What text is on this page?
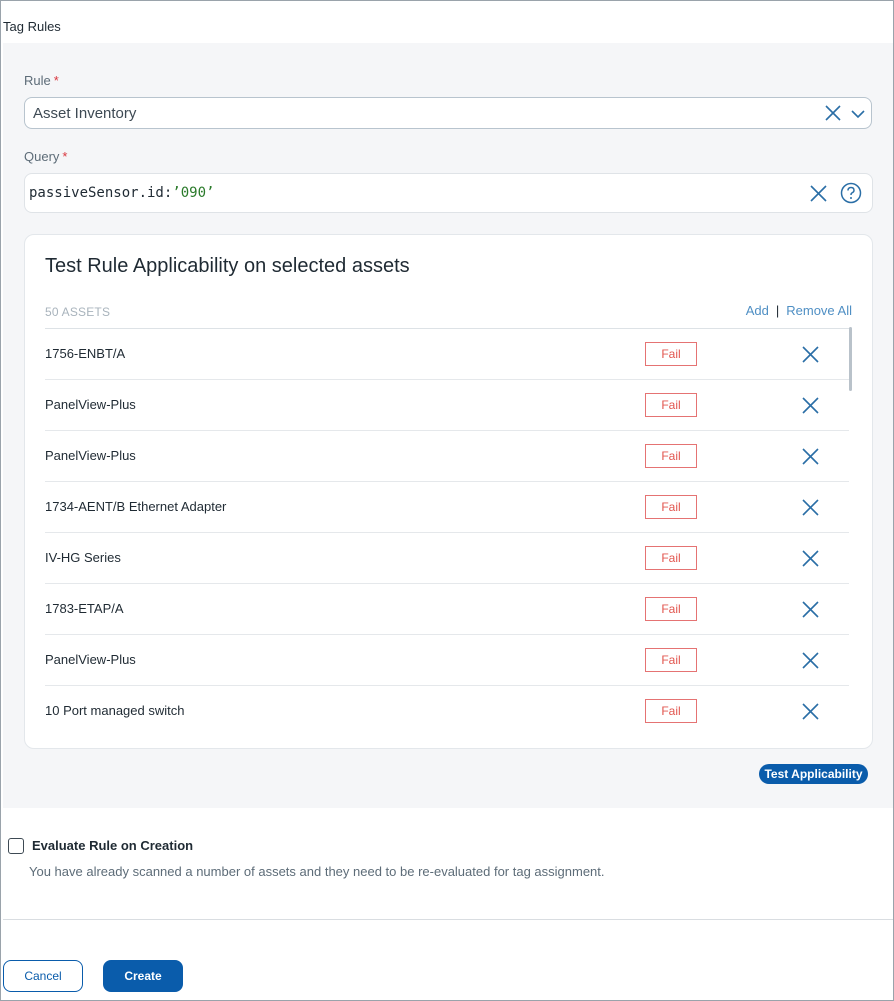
Tag Rules
Rule *
Asset Inventory
Query *
passiveSensor.id:’090’
Test Rule Applicability on selected assets
50 ASSETS	Add | Remove All
1756-ENBT/A	Fail
PanelView-Plus	Fail
PanelView-Plus	Fail
1734-AENT/B Ethernet Adapter	Fail
IV-HG Series	Fail
1783-ETAP/A	Fail
PanelView-Plus	Fail
10 Port managed switch	Fail
Test Applicability
Evaluate Rule on Creation
You have already scanned a number of assets and they need to be re-evaluated for tag assignment.
Cancel	Create
